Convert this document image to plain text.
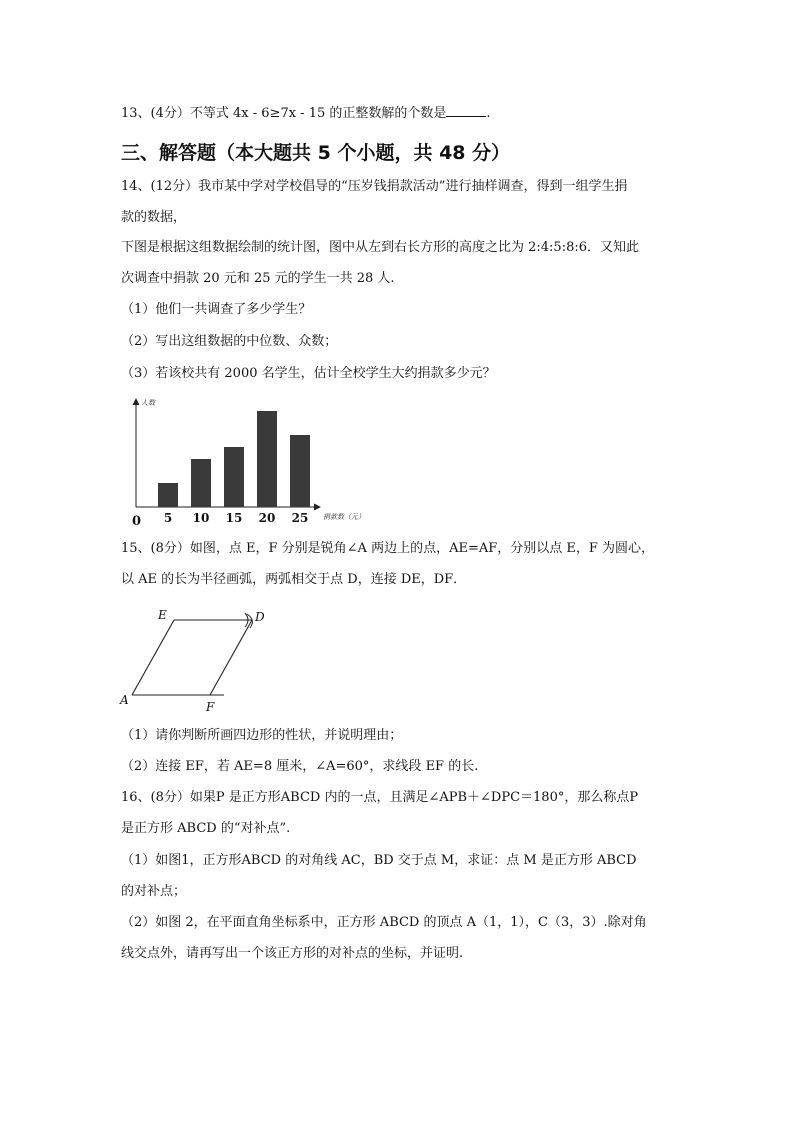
13、(4分）不等式 4x - 6≥7x - 15 的正整数解的个数是	.
三、解答题（本大题共 5 个小题，共 48 分）
14、(12分）我市某中学对学校倡导的“压岁钱捐款活动”进行抽样调查，得到一组学生捐
款的数据，
下图是根据这组数据绘制的统计图，图中从左到右长方形的高度之比为 2:4:5:8:6．又知此
次调查中捐款 20 元和 25 元的学生一共 28 人.
（1）他们一共调查了多少学生？
（2）写出这组数据的中位数、众数；
（3）若该校共有 2000 名学生，估计全校学生大约捐款多少元？
人数
捐款数（元）
0 5 10 15 20 25
15、(8分）如图，点 E，F 分别是锐角∠A 两边上的点，AE=AF，分别以点 E，F 为圆心，
以 AE 的长为半径画弧，两弧相交于点 D，连接 DE，DF．
E	D
A	F
（1）请你判断所画四边形的性状，并说明理由；
（2）连接 EF，若 AE=8 厘米，∠A=60°，求线段 EF 的长.
16、(8分）如果P 是正方形ABCD 内的一点，且满足∠APB＋∠DPC＝180°，那么称点P
是正方形 ABCD 的“对补点”.
（1）如图1，正方形ABCD 的对角线 AC，BD 交于点 M，求证：点 M 是正方形 ABCD
的对补点；
（2）如图 2，在平面直角坐标系中，正方形 ABCD 的顶点 A（1，1），C（3，3）.除对角
线交点外，请再写出一个该正方形的对补点的坐标，并证明.
